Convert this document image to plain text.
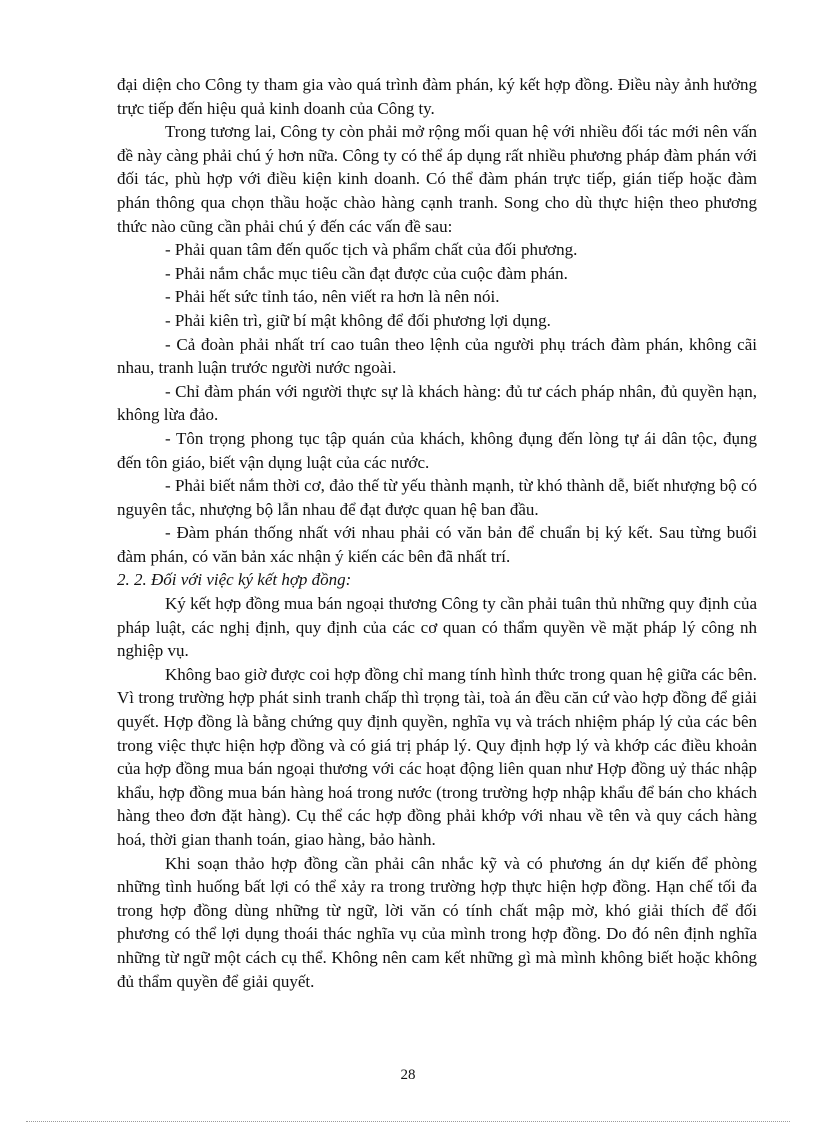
đại diện cho Công ty tham gia vào quá trình đàm phán, ký kết hợp đồng. Điều này ảnh hưởng trực tiếp đến hiệu quả kinh doanh của Công ty.

Trong tương lai, Công ty còn phải mở rộng mối quan hệ với nhiều đối tác mới nên vấn đề này càng phải chú ý hơn nữa. Công ty có thể áp dụng rất nhiều phương pháp đàm phán với đối tác, phù hợp với điều kiện kinh doanh. Có thể đàm phán trực tiếp, gián tiếp hoặc đàm phán thông qua chọn thầu hoặc chào hàng cạnh tranh. Song cho dù thực hiện theo phương thức nào cũng cần phải chú ý đến các vấn đề sau:

- Phải quan tâm đến quốc tịch và phẩm chất của đối phương.

- Phải nắm chắc mục tiêu cần đạt được của cuộc đàm phán.

- Phải hết sức tỉnh táo, nên viết ra hơn là nên nói.

- Phải kiên trì, giữ bí mật không để đối phương lợi dụng.

- Cả đoàn phải nhất trí cao tuân theo lệnh của người phụ trách đàm phán, không cãi nhau, tranh luận trước người nước ngoài.

- Chỉ đàm phán với người thực sự là khách hàng: đủ tư cách pháp nhân, đủ quyền hạn, không lừa đảo.

- Tôn trọng phong tục tập quán của khách, không đụng đến lòng tự ái dân tộc, đụng đến tôn giáo, biết vận dụng luật của các nước.

- Phải biết nắm thời cơ, đảo thế từ yếu thành mạnh, từ khó thành dễ, biết nhượng bộ có nguyên tắc, nhượng bộ lẫn nhau để đạt được quan hệ ban đầu.

- Đàm phán thống nhất với nhau phải có văn bản để chuẩn bị ký kết. Sau từng buổi đàm phán, có văn bản xác nhận ý kiến các bên đã nhất trí.

2. 2. Đối với việc ký kết hợp đồng:

Ký kết hợp đồng mua bán ngoại thương Công ty cần phải tuân thủ những quy định của pháp luật, các nghị định, quy định của các cơ quan có thẩm quyền về mặt pháp lý công nh nghiệp vụ.

Không bao giờ được coi hợp đồng chỉ mang tính hình thức trong quan hệ giữa các bên. Vì trong trường hợp phát sinh tranh chấp thì trọng tài, toà án đều căn cứ vào hợp đồng để giải quyết. Hợp đồng là bằng chứng quy định quyền, nghĩa vụ và trách nhiệm pháp lý của các bên trong việc thực hiện hợp đồng và có giá trị pháp lý. Quy định hợp lý và khớp các điều khoản của hợp đồng mua bán ngoại thương với các hoạt động liên quan như Hợp đồng uỷ thác nhập khẩu, hợp đồng mua bán hàng hoá trong nước (trong trường hợp nhập khẩu để bán cho khách hàng theo đơn đặt hàng). Cụ thể các hợp đồng phải khớp với nhau về tên và quy cách hàng hoá, thời gian thanh toán, giao hàng, bảo hành.

Khi soạn thảo hợp đồng cần phải cân nhắc kỹ và có phương án dự kiến để phòng những tình huống bất lợi có thể xảy ra trong trường hợp thực hiện hợp đồng. Hạn chế tối đa trong hợp đồng dùng những từ ngữ, lời văn có tính chất mập mờ, khó giải thích để đối phương có thể lợi dụng thoái thác nghĩa vụ của mình trong hợp đồng. Do đó nên định nghĩa những từ ngữ một cách cụ thể. Không nên cam kết những gì mà mình không biết hoặc không đủ thẩm quyền để giải quyết.

28
